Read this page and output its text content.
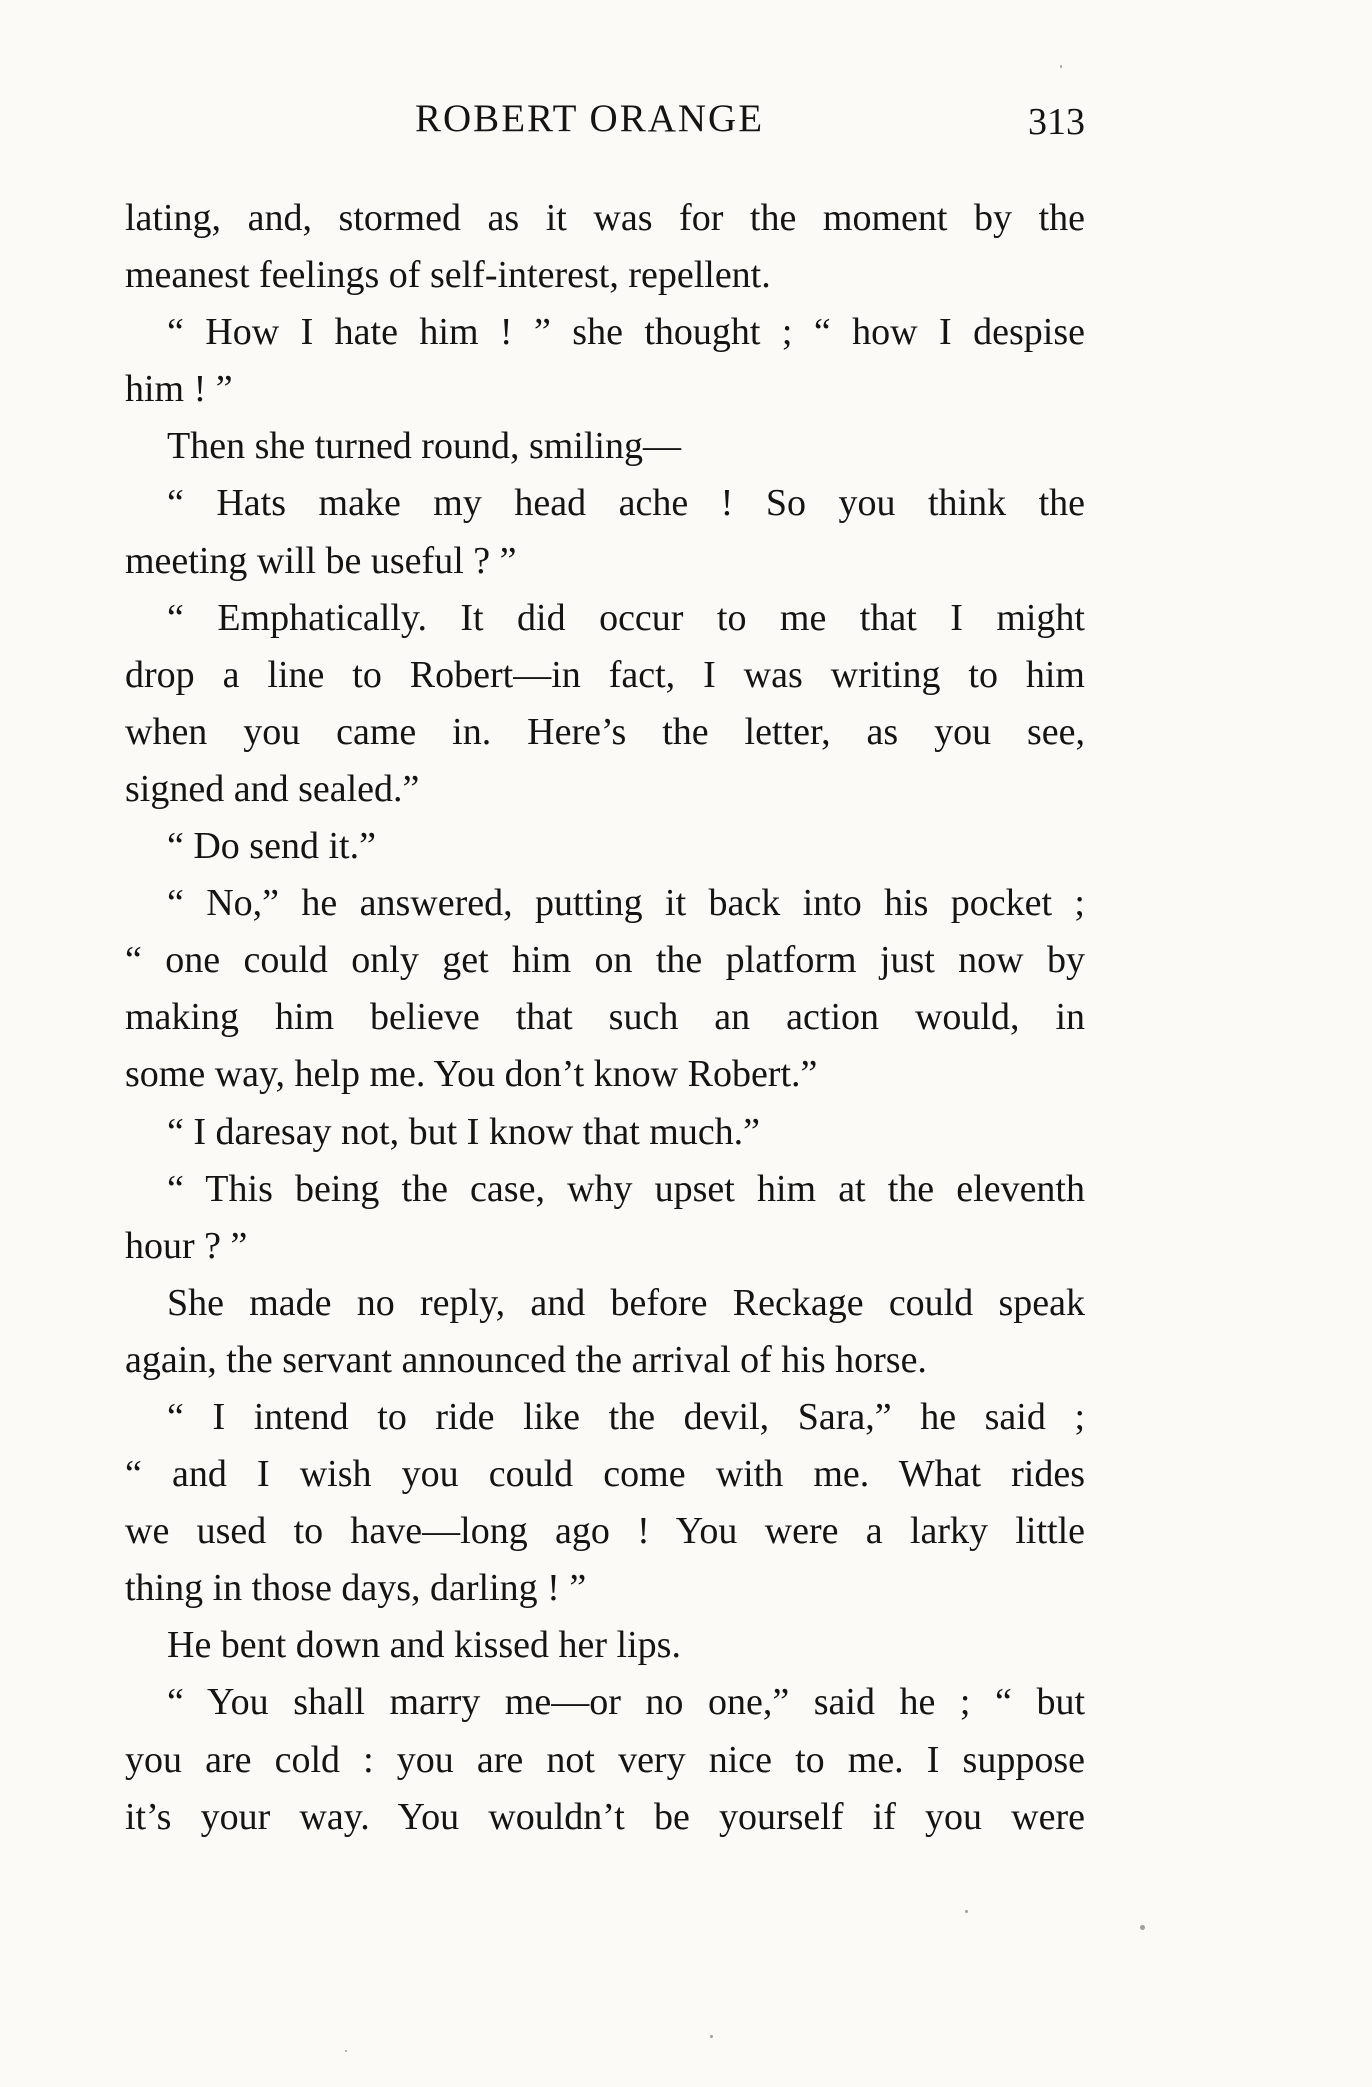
ROBERT ORANGE	313
lating, and, stormed as it was for the moment by the
meanest feelings of self-interest, repellent.
“ How I hate him ! ” she thought ; “ how I despise
him ! ”
Then she turned round, smiling—
“ Hats make my head ache ! So you think the
meeting will be useful ? ”
“ Emphatically. It did occur to me that I might
drop a line to Robert—in fact, I was writing to him
when you came in. Here’s the letter, as you see,
signed and sealed.”
“ Do send it.”
“ No,” he answered, putting it back into his pocket ;
“ one could only get him on the platform just now by
making him believe that such an action would, in
some way, help me. You don’t know Robert.”
“ I daresay not, but I know that much.”
“ This being the case, why upset him at the eleventh
hour ? ”
She made no reply, and before Reckage could speak
again, the servant announced the arrival of his horse.
“ I intend to ride like the devil, Sara,” he said ;
“ and I wish you could come with me. What rides
we used to have—long ago ! You were a larky little
thing in those days, darling ! ”
He bent down and kissed her lips.
“ You shall marry me—or no one,” said he ; “ but
you are cold : you are not very nice to me. I suppose
it’s your way. You wouldn’t be yourself if you were
